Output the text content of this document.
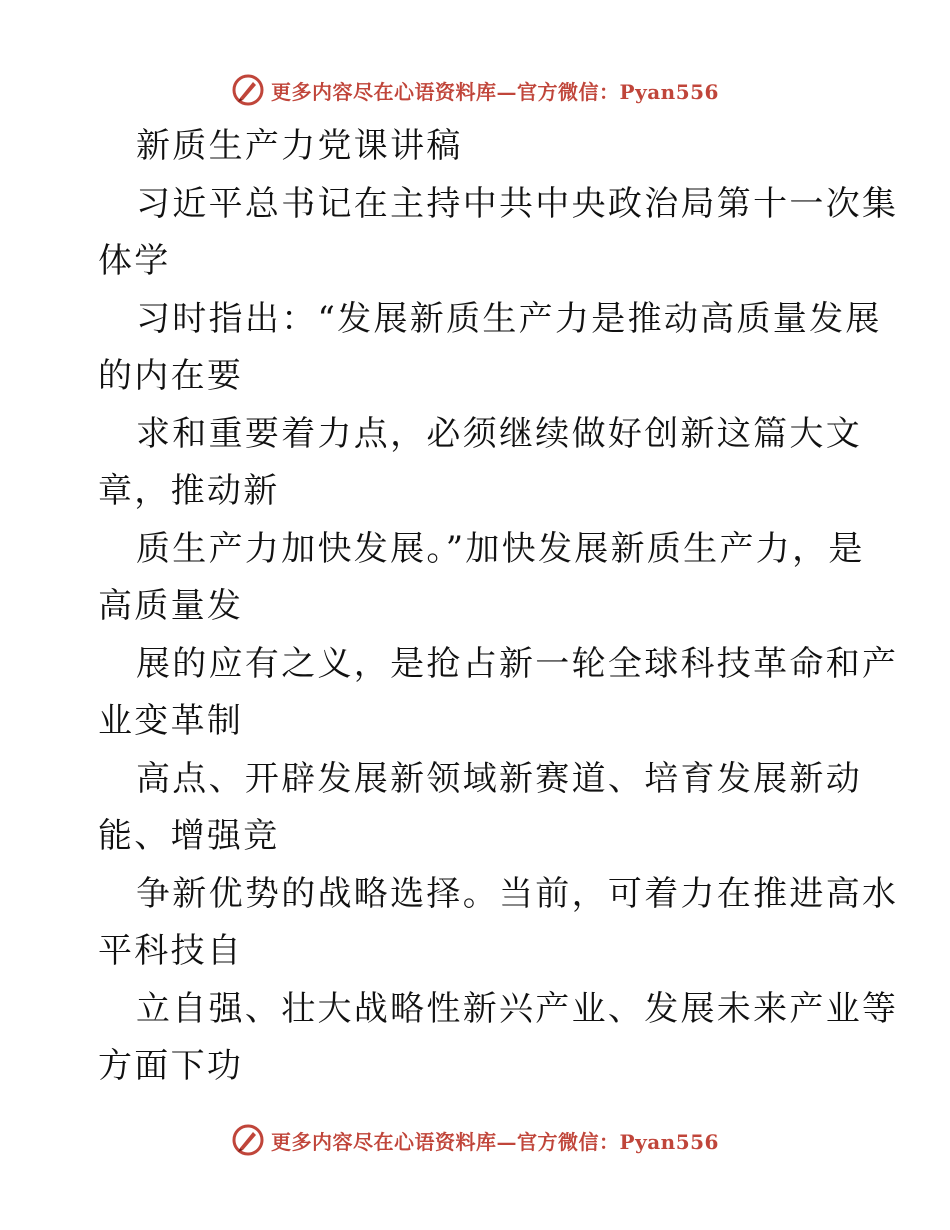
更多内容尽在心语资料库—官方微信：Pyan556
新质生产力党课讲稿
习近平总书记在主持中共中央政治局第十一次集
体学
习时指出：“发展新质生产力是推动高质量发展
的内在要
求和重要着力点，必须继续做好创新这篇大文
章，推动新
质生产力加快发展。”加快发展新质生产力，是
高质量发
展的应有之义，是抢占新一轮全球科技革命和产
业变革制
高点、开辟发展新领域新赛道、培育发展新动
能、增强竞
争新优势的战略选择。当前，可着力在推进高水
平科技自
立自强、壮大战略性新兴产业、发展未来产业等
方面下功
更多内容尽在心语资料库—官方微信：Pyan556
